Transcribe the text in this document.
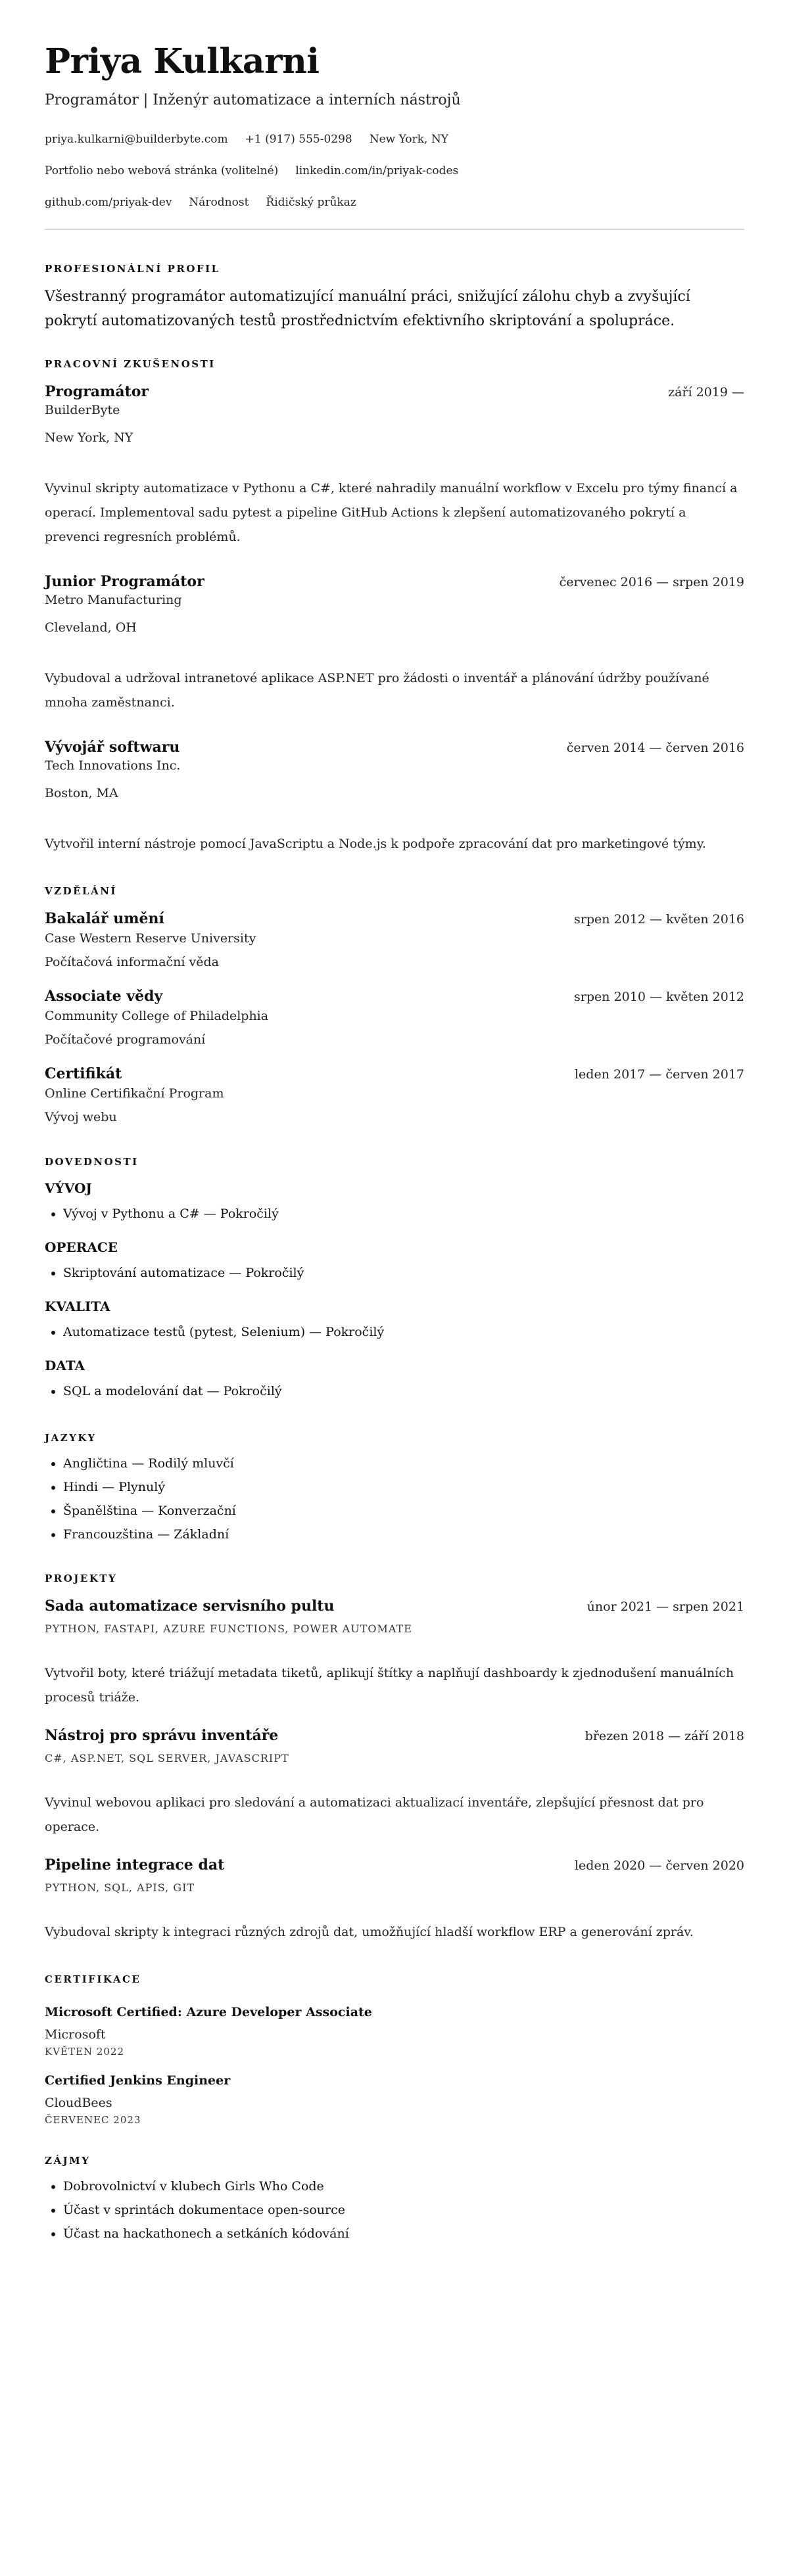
Priya Kulkarni
Programátor | Inženýr automatizace a interních nástrojů
priya.kulkarni@builderbyte.com +1 (917) 555-0298 New York, NY
Portfolio nebo webová stránka (volitelné) linkedin.com/in/priyak-codes
github.com/priyak-dev Národnost Řidičský průkaz
PROFESIONÁLNÍ PROFIL
Všestranný programátor automatizující manuální práci, snižující zálohu chyb a zvyšující pokrytí automatizovaných testů prostřednictvím efektivního skriptování a spolupráce.
PRACOVNÍ ZKUŠENOSTI
Programátor	září 2019 —
BuilderByte
New York, NY
Vyvinul skripty automatizace v Pythonu a C#, které nahradily manuální workflow v Excelu pro týmy financí a operací. Implementoval sadu pytest a pipeline GitHub Actions k zlepšení automatizovaného pokrytí a prevenci regresních problémů.
Junior Programátor	červenec 2016 — srpen 2019
Metro Manufacturing
Cleveland, OH
Vybudoval a udržoval intranetové aplikace ASP.NET pro žádosti o inventář a plánování údržby používané mnoha zaměstnanci.
Vývojář softwaru	červen 2014 — červen 2016
Tech Innovations Inc.
Boston, MA
Vytvořil interní nástroje pomocí JavaScriptu a Node.js k podpoře zpracování dat pro marketingové týmy.
VZDĚLÁNÍ
Bakalář umění	srpen 2012 — květen 2016
Case Western Reserve University
Počítačová informační věda
Associate vědy	srpen 2010 — květen 2012
Community College of Philadelphia
Počítačové programování
Certifikát	leden 2017 — červen 2017
Online Certifikační Program
Vývoj webu
DOVEDNOSTI
VÝVOJ
• Vývoj v Pythonu a C# — Pokročilý
OPERACE
• Skriptování automatizace — Pokročilý
KVALITA
• Automatizace testů (pytest, Selenium) — Pokročilý
DATA
• SQL a modelování dat — Pokročilý
JAZYKY
• Angličtina — Rodilý mluvčí
• Hindi — Plynulý
• Španělština — Konverzační
• Francouzština — Základní
PROJEKTY
Sada automatizace servisního pultu	únor 2021 — srpen 2021
PYTHON, FASTAPI, AZURE FUNCTIONS, POWER AUTOMATE
Vytvořil boty, které triážují metadata tiketů, aplikují štítky a naplňují dashboardy k zjednodušení manuálních procesů triáže.
Nástroj pro správu inventáře	březen 2018 — září 2018
C#, ASP.NET, SQL SERVER, JAVASCRIPT
Vyvinul webovou aplikaci pro sledování a automatizaci aktualizací inventáře, zlepšující přesnost dat pro operace.
Pipeline integrace dat	leden 2020 — červen 2020
PYTHON, SQL, APIS, GIT
Vybudoval skripty k integraci různých zdrojů dat, umožňující hladší workflow ERP a generování zpráv.
CERTIFIKACE
Microsoft Certified: Azure Developer Associate
Microsoft
KVĚTEN 2022
Certified Jenkins Engineer
CloudBees
ČERVENEC 2023
ZÁJMY
• Dobrovolnictví v klubech Girls Who Code
• Účast v sprintách dokumentace open-source
• Účast na hackathonech a setkáních kódování
